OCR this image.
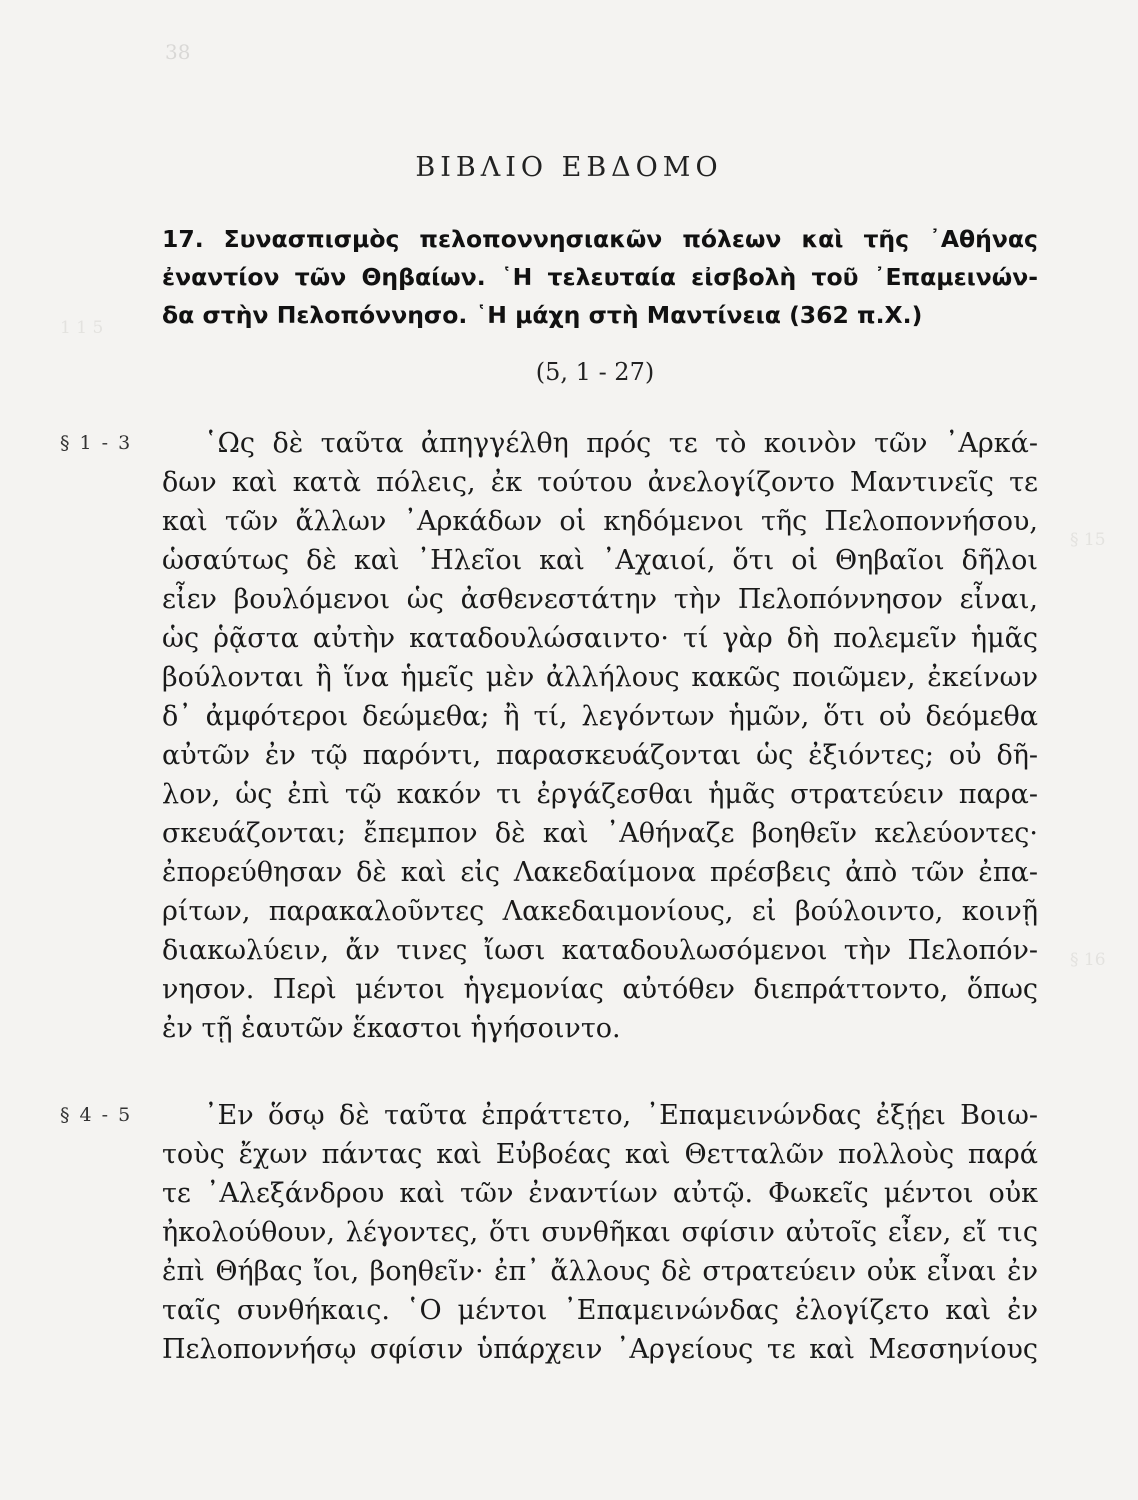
38
1 1 5
§ 15
§ 16
ΒΙΒΛΙΟ ΕΒΔΟΜΟ
17. Συνασπισμὸς πελοποννησιακῶν πόλεων καὶ τῆς ᾿Αθήνας
ἐναντίον τῶν Θηβαίων. ῾Η τελευταία εἰσβολὴ τοῦ ᾿Επαμεινών-
δα στὴν Πελοπόννησο. ῾Η μάχη στὴ Μαντίνεια (362 π.Χ.)
(5, 1 - 27)
§ 1 - 3	῾Ως δὲ ταῦτα ἀπηγγέλθη πρός τε τὸ κοινὸν τῶν ᾿Αρκά-
δων καὶ κατὰ πόλεις, ἐκ τούτου ἀνελογίζοντο Μαντινεῖς τε
καὶ τῶν ἄλλων ᾿Αρκάδων οἱ κηδόμενοι τῆς Πελοποννήσου,
ὡσαύτως δὲ καὶ ᾿Ηλεῖοι καὶ ᾿Αχαιοί, ὅτι οἱ Θηβαῖοι δῆλοι
εἶεν βουλόμενοι ὡς ἀσθενεστάτην τὴν Πελοπόννησον εἶναι,
ὡς ῥᾷστα αὐτὴν καταδουλώσαιντο· τί γὰρ δὴ πολεμεῖν ἡμᾶς
βούλονται ἢ ἵνα ἡμεῖς μὲν ἀλλήλους κακῶς ποιῶμεν, ἐκείνων
δ᾿ ἀμφότεροι δεώμεθα; ἢ τί, λεγόντων ἡμῶν, ὅτι οὐ δεόμεθα
αὐτῶν ἐν τῷ παρόντι, παρασκευάζονται ὡς ἐξιόντες; οὐ δῆ-
λον, ὡς ἐπὶ τῷ κακόν τι ἐργάζεσθαι ἡμᾶς στρατεύειν παρα-
σκευάζονται; ἔπεμπον δὲ καὶ ᾿Αθήναζε βοηθεῖν κελεύοντες·
ἐπορεύθησαν δὲ καὶ εἰς Λακεδαίμονα πρέσβεις ἀπὸ τῶν ἐπα-
ρίτων, παρακαλοῦντες Λακεδαιμονίους, εἰ βούλοιντο, κοινῇ
διακωλύειν, ἄν τινες ἴωσι καταδουλωσόμενοι τὴν Πελοπόν-
νησον. Περὶ μέντοι ἡγεμονίας αὐτόθεν διεπράττοντο, ὅπως
ἐν τῇ ἑαυτῶν ἕκαστοι ἡγήσοιντο.
§ 4 - 5	᾿Εν ὅσῳ δὲ ταῦτα ἐπράττετο, ᾿Επαμεινώνδας ἐξῄει Βοιω-
τοὺς ἔχων πάντας καὶ Εὐβοέας καὶ Θετταλῶν πολλοὺς παρά
τε ᾿Αλεξάνδρου καὶ τῶν ἐναντίων αὐτῷ. Φωκεῖς μέντοι οὐκ
ἠκολούθουν, λέγοντες, ὅτι συνθῆκαι σφίσιν αὐτοῖς εἶεν, εἴ τις
ἐπὶ Θήβας ἴοι, βοηθεῖν· ἐπ᾿ ἄλλους δὲ στρατεύειν οὐκ εἶναι ἐν
ταῖς συνθήκαις. ῾Ο μέντοι ᾿Επαμεινώνδας ἐλογίζετο καὶ ἐν
Πελοποννήσῳ σφίσιν ὑπάρχειν ᾿Αργείους τε καὶ Μεσσηνίους
